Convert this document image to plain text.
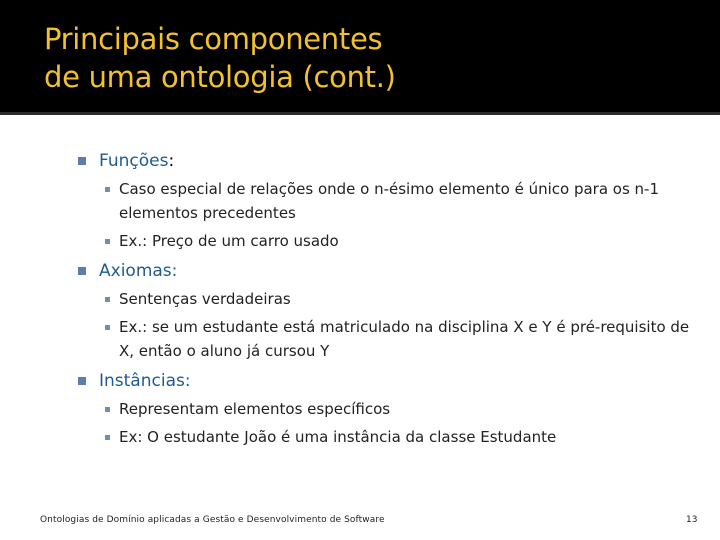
Principais componentes
de uma ontologia (cont.)

Funções:

Caso especial de relações onde o n-ésimo elemento é único para os n-1 elementos precedentes
Ex.: Preço de um carro usado

Axiomas:

Sentenças verdadeiras
Ex.: se um estudante está matriculado na disciplina X e Y é pré-requisito de X, então o aluno já cursou Y

Instâncias:

Representam elementos específicos
Ex: O estudante João é uma instância da classe Estudante
Ontologias de Domínio aplicadas a Gestão e Desenvolvimento de Software	13
